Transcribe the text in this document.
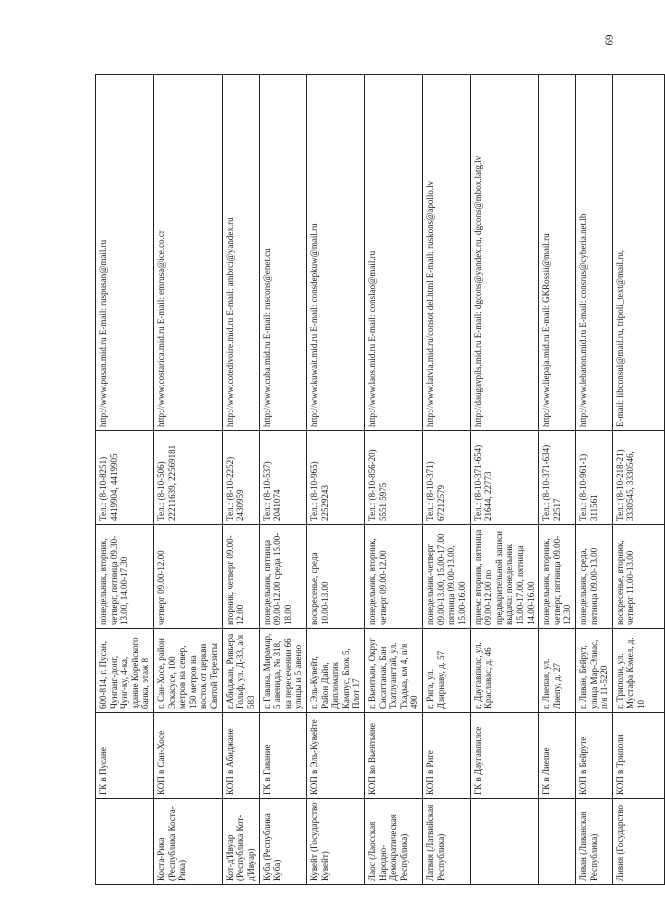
69
	ГК в Пусане	600-814, г. Пусан, Чунганг-донг, Чунг-ку, 4-ка, здание Корейского банка, этаж 8	понедельник, вторник, четверг, пятница 09.30-13.00, 14.00-17.30	Тел.: (8-10-8251) 4419904, 4419905	http://www.pusan.mid.ru E-mail: ruspusan@mail.ru
Коста-Рика (Республика Коста-Рика)	КОП в Сан-Хосе	г. Сан-Хосе, район Эскасусе, 100 метров на север, 150 метров на восток от церкви Святой Терезиты	четверг 09.00-12.00	Тел.: (8-10-506) 22211639, 22569181	http://www.costarica.mid.ru E-mail: emrusa@ice.co.cr
Кот-д'Ивуар (Республика Кот-д'Ивуар)	КОП в Абиджане	г.Абиджан, Ривьера Гольф, ул. Д-33, а/я 583	вторник, четверг 09.00-12.00	Тел.: (8-10-2252) 2430959	http://www.cotedivoire.mid.ru E-mail: ambrci@yandex.ru
Куба (Республика Куба)	ГК в Гавание	г. Гавана, Мирамар, 5 авенида, № 318, на пересечении 66 улицы и 5 авеню	понедельник, пятница 09.00-12.00 среда 15.00-18.00	Тел.: (8-10-537) 2041074	http://www.cuba.mid.ru E-mail: ruscons@enet.cu
Кувейт (Государство Кувейт)	КОП в Эль-Кувейте	г. Эль-Кувейт, Район Дайя, Дипломатик Кампус, Блок 5, Плот 17	воскресенье, среда 10.00-13.00	Тел.: (8-10-965) 22529243	http://www.kuwait.mid.ru E-mail: consdepkuw@mail.ru
Лаос (Лаосская Народно-Демократическая Республика)	КОП во Вьентьяне	г. Вьентьян, Округ Сисаттанак, Бан Тхатлуангтай, ул. Тхадыа, км 4, п/я 490	понедельник, вторник, четверг 09.00-12.00	Тел.: (8-10-856-20) 5551 5975	http://www.laos.mid.ru E-mail: conslao@mail.ru
Латвия (Латвийская Республика)	КОП в Риге	г. Рига, ул. Дзирнаву, д. 57	понедельник-четверг 09.00-13.00, 15.00-17.00 пятница 09.00-13.00, 15.00-16.00	Тел.: (8-10-371) 67212579	http://www.latvia.mid.ru/consot del.html E-mail: ruskons@apollo.lv
	ГК в Даугавпилсе	г. Даугавпилс, ул. Краславас, д. 46	прием: вторник, пятница 09.00-12.00 по предварительной записи выдача: понедельник 15.00-17.00, пятница 14.00-16.00	Тел.: (8-10-371-654) 21644, 22773	http://daugavpils.mid.ru E-mail: dgcons@yandex.ru, dgcons@mbox.latg.lv
	ГК в Лиепае	г. Лиепая, ул. Лиепу, д. 27	понедельник, вторник, четверг, пятница 09.00-12.30	Тел.: (8-10-371-634) 22517	http://www.liepaja.mid.ru E-mail: GKRossii@mail.ru
Ливан (Ливанская Республика)	КОП в Бейруте	г. Ливан, Бейрут, улица Мар-Элиас, п/я 11-5220	понедельник, среда, пятница 09.00-13.00	Тел.: (8-10-961-1) 311561	http://www.lebanon.mid.ru E-mail: consrus@cyberia.net.lb
Ливия (Государство	КОП в Триполи	г. Триполи, ул. Мустафа Кэмел, д. 10	воскресенье, вторник, четверг 11.00-13.00	Тел.: (8-10-218-21) 3330545, 3330546,	E-mail: libconsul@mail.ru, tripoli_text@mail.ru,
